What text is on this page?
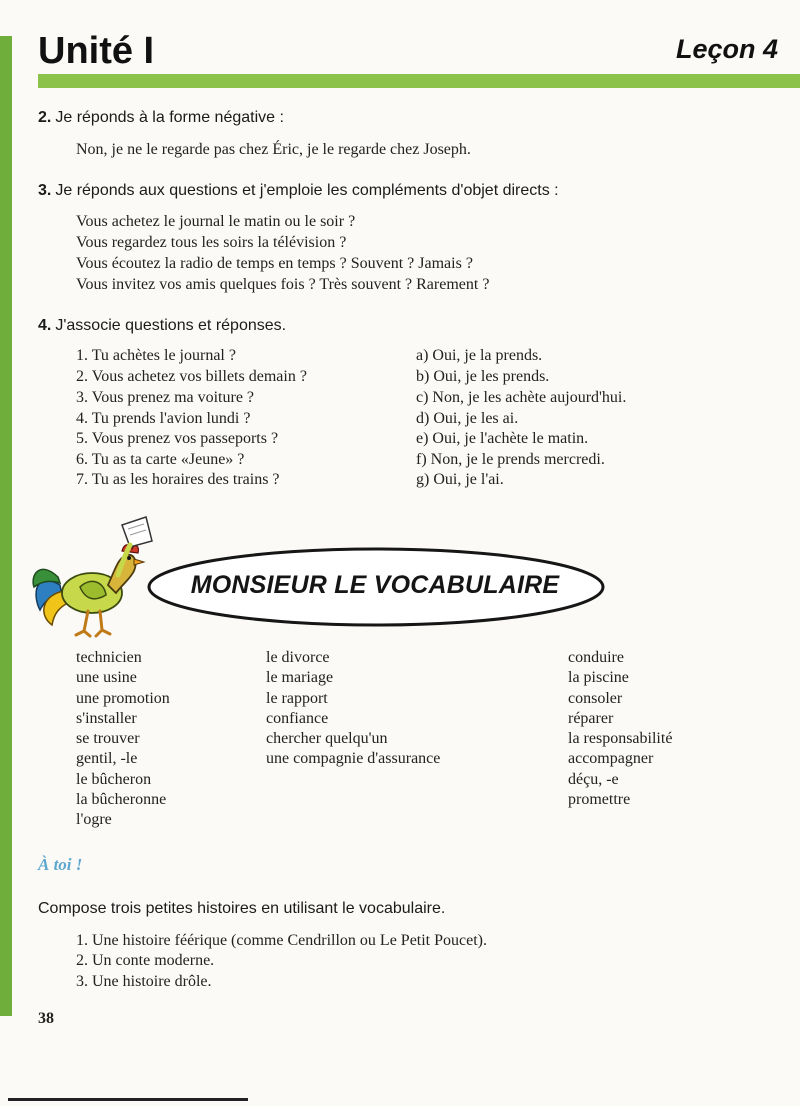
Unité I	Leçon 4
2. Je réponds à la forme négative :
Non, je ne le regarde pas chez Éric, je le regarde chez Joseph.
3. Je réponds aux questions et j'emploie les compléments d'objet directs :
Vous achetez le journal le matin ou le soir ?
Vous regardez tous les soirs la télévision ?
Vous écoutez la radio de temps en temps ? Souvent ? Jamais ?
Vous invitez vos amis quelques fois ? Très souvent ? Rarement ?
4. J'associe questions et réponses.
1. Tu achètes le journal ?
2. Vous achetez vos billets demain ?
3. Vous prenez ma voiture ?
4. Tu prends l'avion lundi ?
5. Vous prenez vos passeports ?
6. Tu as ta carte «Jeune» ?
7. Tu as les horaires des trains ?
a) Oui, je la prends.
b) Oui, je les prends.
c) Non, je les achète aujourd'hui.
d) Oui, je les ai.
e) Oui, je l'achète le matin.
f) Non, je le prends mercredi.
g) Oui, je l'ai.
MONSIEUR LE VOCABULAIRE
technicien
une usine
une promotion
s'installer
se trouver
gentil, -le
le bûcheron
la bûcheronne
l'ogre
le divorce
le mariage
le rapport
confiance
chercher quelqu'un
une compagnie d'assurance
conduire
la piscine
consoler
réparer
la responsabilité
accompagner
déçu, -e
promettre
À toi !
Compose trois petites histoires en utilisant le vocabulaire.
1. Une histoire féérique (comme Cendrillon ou Le Petit Poucet).
2. Un conte moderne.
3. Une histoire drôle.
38
